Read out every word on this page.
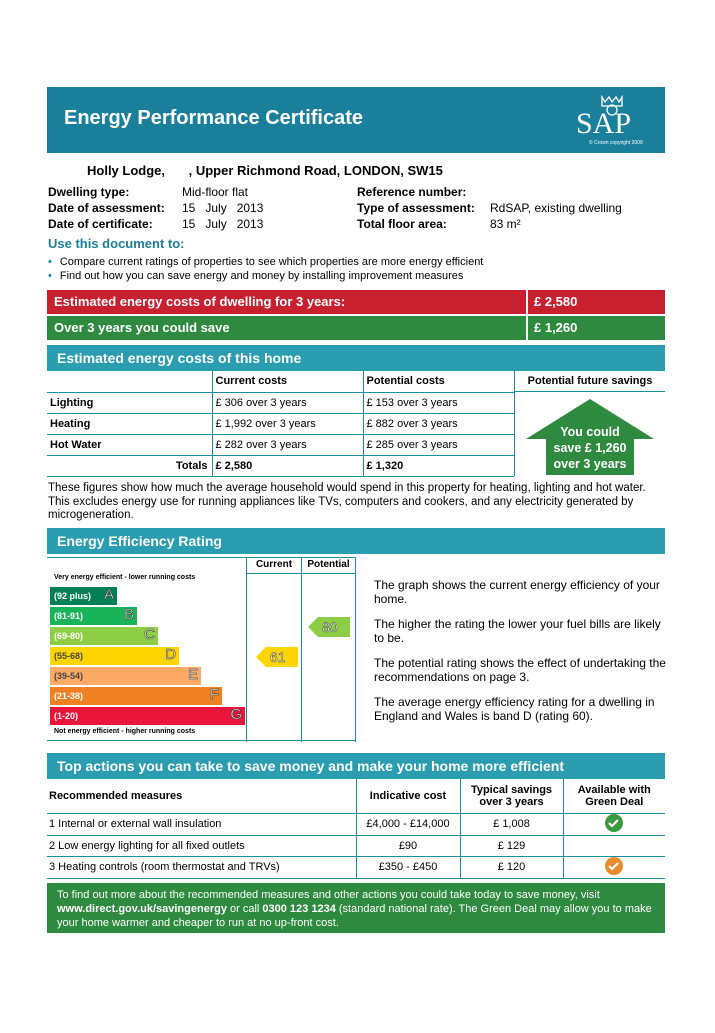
Energy Performance Certificate	SAP
© Crown copyright 2009
Holly Lodge, , Upper Richmond Road, LONDON, SW15
Dwelling type:	Mid-floor flat
Date of assessment: 15   July   2013
Date of certificate: 15   July   2013
Reference number:
Type of assessment: RdSAP, existing dwelling
Total floor area:	83 m²
Use this document to:
• Compare current ratings of properties to see which properties are more energy efficient
• Find out how you can save energy and money by installing improvement measures
Estimated energy costs of dwelling for 3 years:	£ 2,580
Over 3 years you could save	£ 1,260
Estimated energy costs of this home
	Current costs	Potential costs
Lighting	£ 306 over 3 years	£ 153 over 3 years
Heating	£ 1,992 over 3 years	£ 882 over 3 years
Hot Water	£ 282 over 3 years	£ 285 over 3 years
Totals	£ 2,580	£ 1,320
Potential future savings
You could
save £ 1,260
over 3 years
These figures show how much the average household would spend in this property for heating, lighting and hot water. This excludes energy use for running appliances like TVs, computers and cookers, and any electricity generated by microgeneration.
Energy Efficiency Rating
Current	Potential
Very energy efficient - lower running costs
(92 plus) A
(81-91)	B
(69-80)	C
(55-68)	D
(39-54)	E
(21-38)	F
(1-20)	G
Not energy efficient - higher running costs
61
80

The graph shows the current energy efficiency of your home.

The higher the rating the lower your fuel bills are likely to be.

The potential rating shows the effect of undertaking the recommendations on page 3.

The average energy efficiency rating for a dwelling in England and Wales is band D (rating 60).

Top actions you can take to save money and make your home more efficient
Recommended measures	Indicative cost	Typical savings over 3 years	Available with Green Deal
1 Internal or external wall insulation	£4,000 - £14,000	£ 1,008	
2 Low energy lighting for all fixed outlets	£90	£ 129	
3 Heating controls (room thermostat and TRVs)	£350 - £450	£ 120	
To find out more about the recommended measures and other actions you could take today to save money, visit
www.direct.gov.uk/savingenergy or call 0300 123 1234 (standard national rate). The Green Deal may allow you to make your home warmer and cheaper to run at no up-front cost.
